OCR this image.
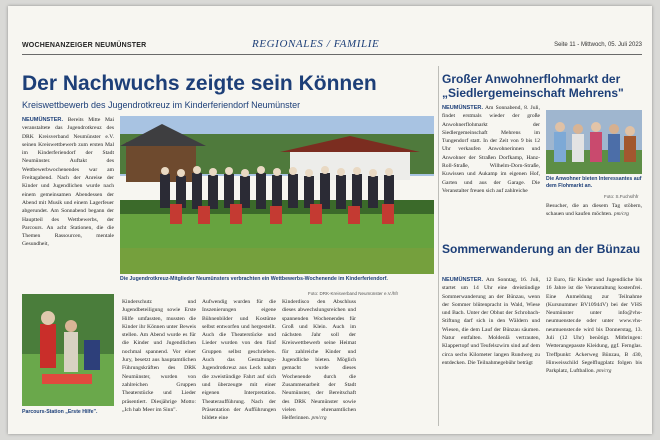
WOCHENANZEIGER NEUMÜNSTER	REGIONALES / FAMILIE	Seite 11 - Mittwoch, 05. Juli 2023
Der Nachwuchs zeigte sein Können
Kreiswettbewerb des Jugendrotkreuz im Kinderferiendorf Neumünster
NEUMÜNSTER. Bereits Mitte Mai veranstaltete das Jugendrotkreuz des DRK Kreisverband Neumünster e.V. seinen Kreiswettbewerb zum ersten Mal im Kinderferiendorf der Stadt Neumünster. Auftakt des Wettbewerbwochenendes war am Freitagabend. Nach der Anreise der Kinder und Jugendlichen wurde nach einem gemeinsamen Abendessen der Abend mit Musik und einem Lagerfeuer abgerundet. Am Sonnabend begann der Hauptteil des Wettbewerbs, der Parcours. An acht Stationen, die die Themen Rassourcen, mentale Gesundheit,
Die Jugendrotkreuz-Mitglieder Neumünsters verbrachten ein Wettbewerbs-Wochenende im Kinderferiendorf.
Foto: DRK-Kreisverband Neumünster e.V./hfr
Parcours-Station „Erste Hilfe".
Kinderschutz und Jugendbeteiligung sowie Erste Hilfe umfassten, mussten die Kinder ihr Können unter Beweis stellen. Am Abend wurde es für die Kinder und Jugendlichen nochmal spannend. Vor einer Jury, besetzt aus hauptamtlichen Führungskräften des DRK Neumünster, wurden von zahlreichen Gruppen Theaterstücke und Lieder präsentiert. Diesjährige Motto: „Ich hab Meer im Sinn".
Aufwendig wurden für die Inszenierungen eigene Bühnenbilder und Kostüme selbst entworfen und hergestellt. Auch die Theaterstücke und Lieder wurden von den fünf Gruppen selbst geschrieben. Auch das Gestaltungs-Jugendrotkreuz aus Leck nahm die zweistündige Fahrt auf sich und überzeugte mit einer eigenen Interpretation. Theateraufführung. Nach der Präsentation der Aufführungen bildete eine
Kinderdisco den Abschluss dieses abwechslungsreichen und spannenden Wochenendes für Groß und Klein. Auch im nächsten Jahr soll der Kreiswettbewerb seine Heimat für zahlreiche Kinder und Jugendliche bieten. Möglich gemacht wurde dieses Wochenende durch die Zusammenarbeit der Stadt Neumünster, der Bereitschaft des DRK Neumünster sowie vielen ehrenamtlichen Helferinnen. pm/crg
Großer Anwohnerflohmarkt der „Siedlergemeinschaft Mehrens"
NEUMÜNSTER. Am Sonnabend, 8. Juli, findet erstmals wieder der große Anwohnerflohmarkt der Siedlergemeinschaft Mehrens im Tungendorf statt. In der Zeit von 9 bis 12 Uhr verkaufen Anwohnerinnen und Anwohner der Straßen Dorfkamp, Hanz-Roll-Straße, Wilhelm-Dorn-Straße, Kuwissen und Aukamp im eigenen Hof, Garten und aus der Garage. Die Veranstalter freuen sich auf zahlreiche
Die Anwohner bieten Interessantes auf dem Flohmarkt an.
Foto: S.Fuchs/hfr
Besucher, die an diesem Tag stöbern, schauen und kaufen möchten. pm/crg
Sommerwanderung an der Bünzau
NEUMÜNSTER. Am Sonntag, 16. Juli, startet um 14 Uhr eine dreistündige Sommerwanderung an der Bünzau, wenn der Sommer blütenpracht in Wald, Wiese und Bach. Unter der Obhut der Schrobach-Stiftung darf sich in den Wäldern und Wiesen, die dem Lauf der Bünzau säumen. Natur entfalten. Moldenlä vertrauten, Klappertopf und Teufelszwirn sind auf dem circa sechs Kilometer langen Rundweg zu entdecken. Die Teilnahmegebühr beträgt
12 Euro, für Kinder und Jugendliche bis 16 Jahre ist die Veranstaltung kostenfrei. Eine Anmeldung zur Teilnahme (Kursnummer BV10944V) bei der VHS Neumünster unter info@vhs-neumuenster.de oder unter www.vhs-neumuenster.de wird bis Donnerstag, 13. Juli (12 Uhr) benötigt. Mitbringen: Wetterangepasste Kleidung, ggf. Fernglas. Treffpunkt: Ackerweg Bünzau, B 430, Hinweisschild Segelflugplatz folgen bis Parkplatz, Luftballon. pm/crg
